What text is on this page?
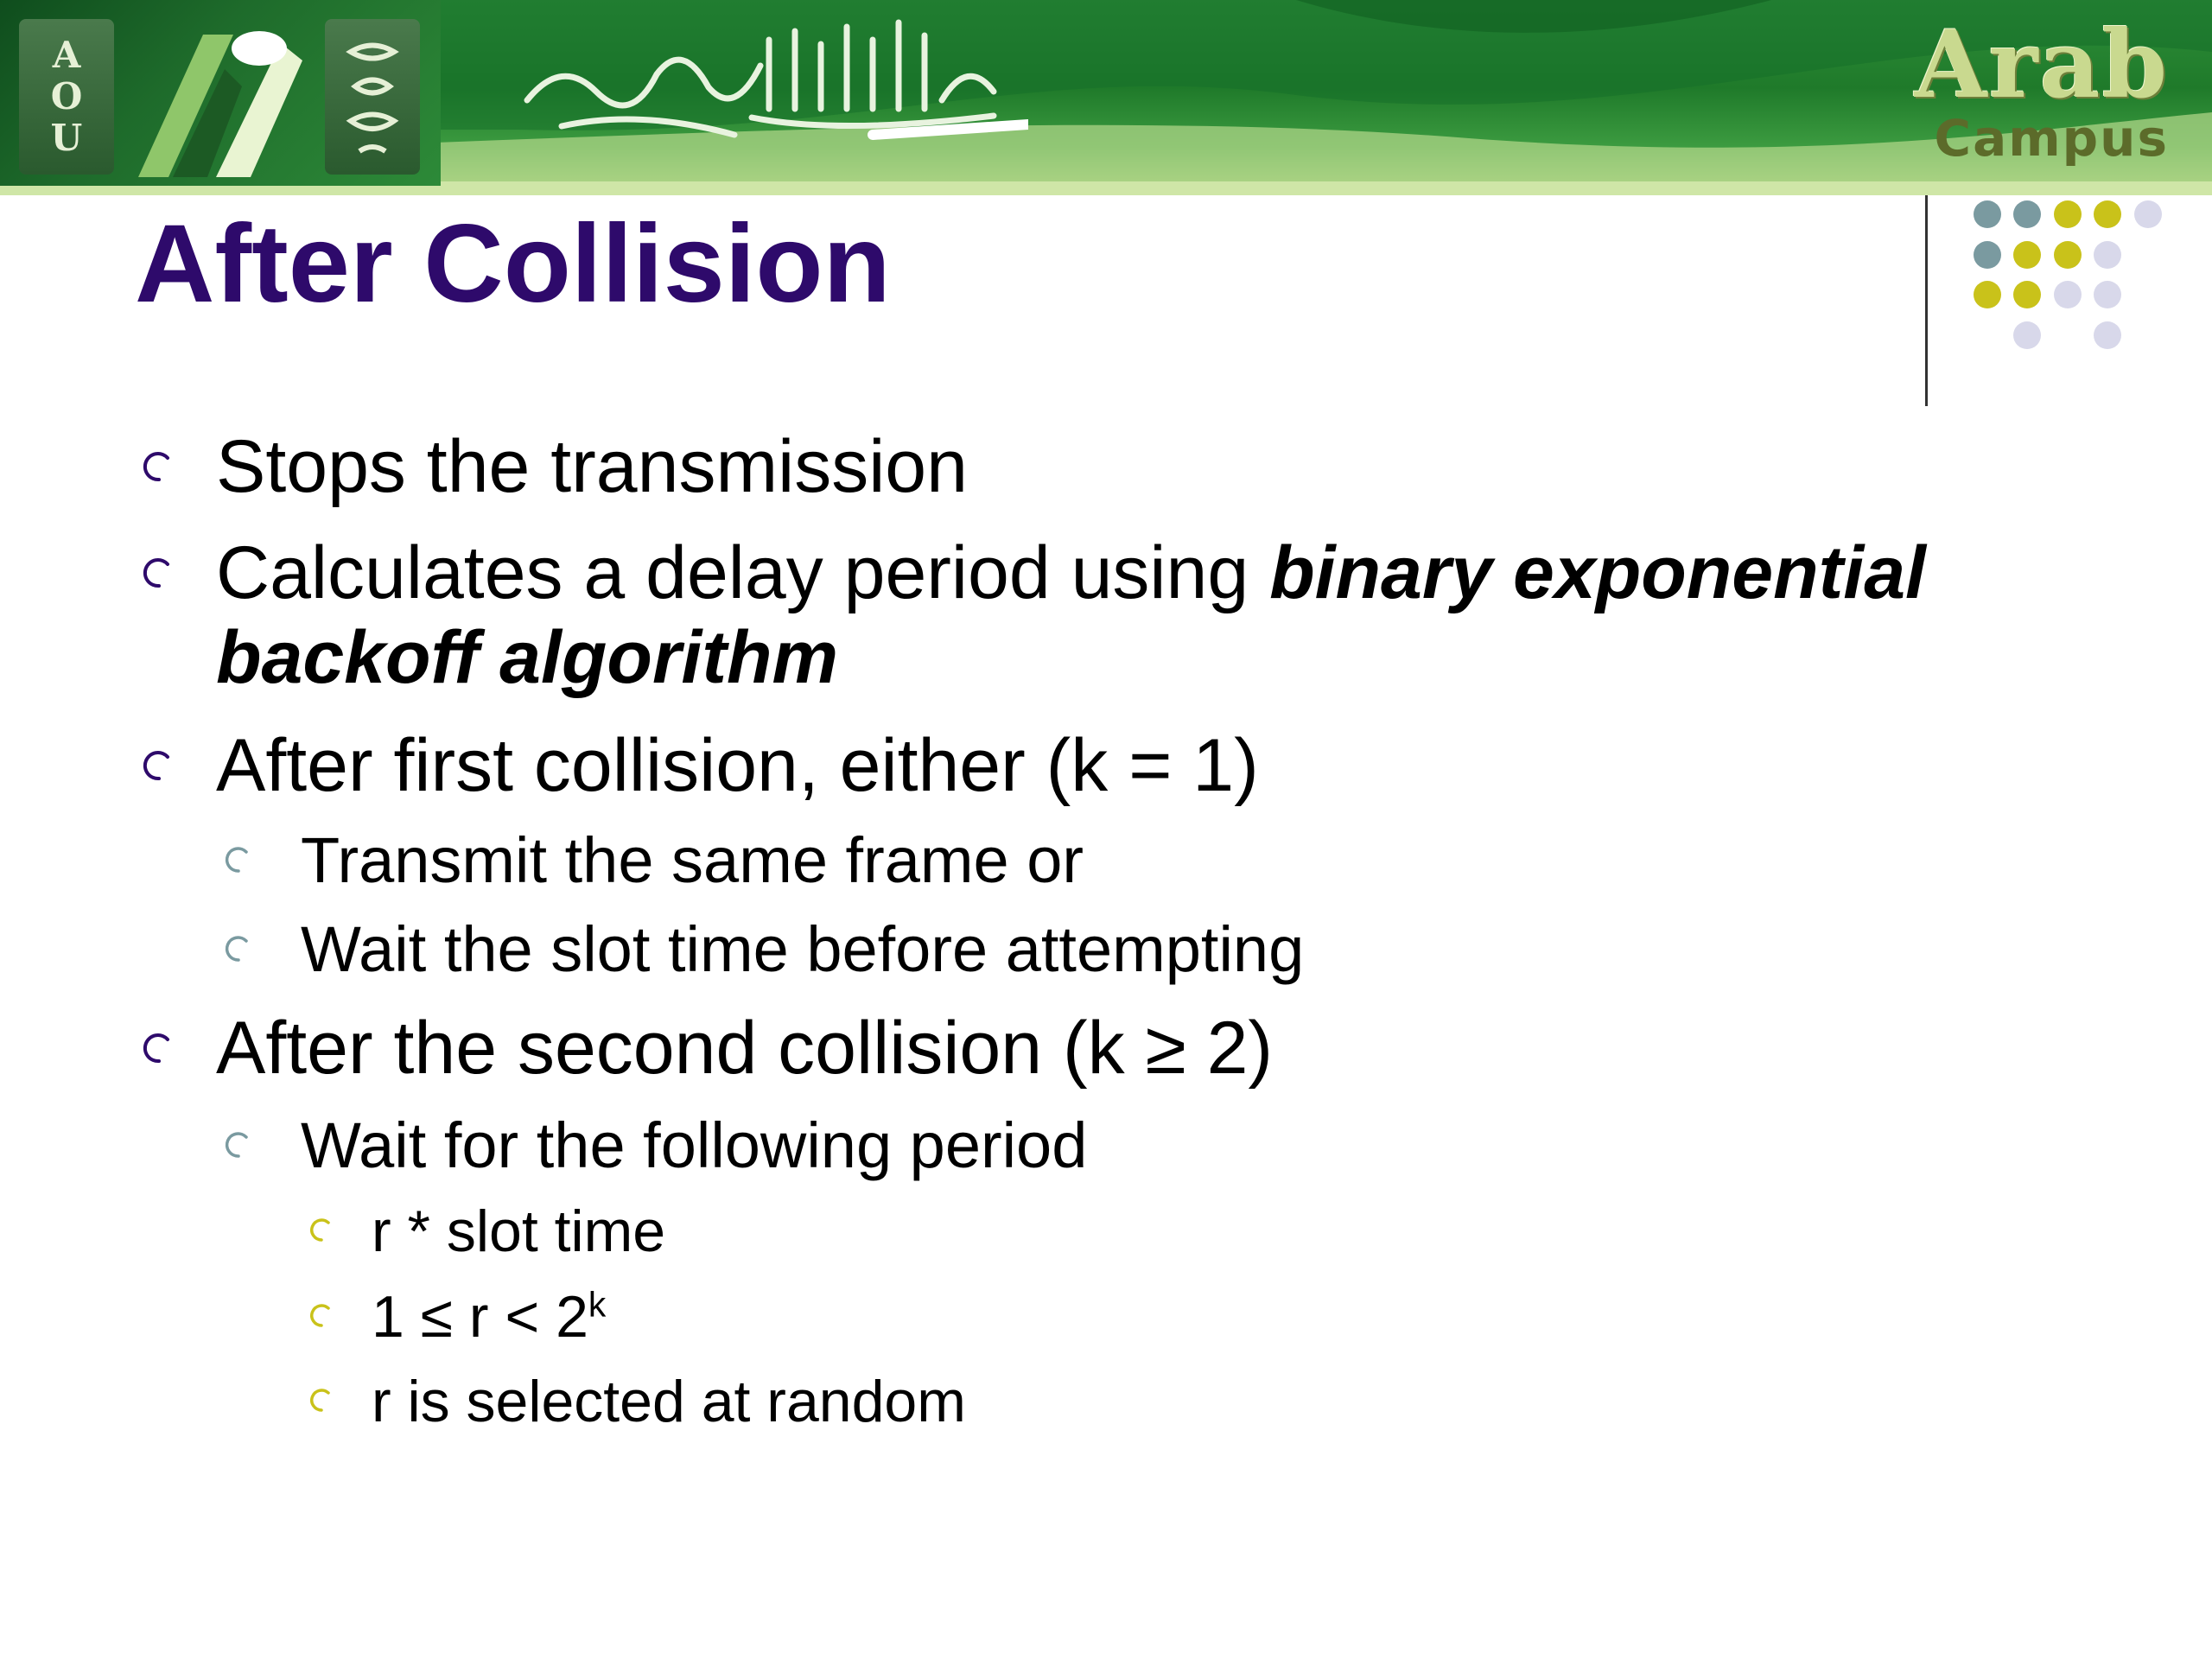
AOU
Arab
Campus
After Collision
Stops the transmission
Calculates a delay period using binary exponential
backoff algorithm
After first collision, either (k = 1)
Transmit the same frame or
Wait the slot time before attempting
After the second collision (k ≥ 2)
Wait for the following period
r * slot time
$1 \le r < 2^k$
r is selected at random
